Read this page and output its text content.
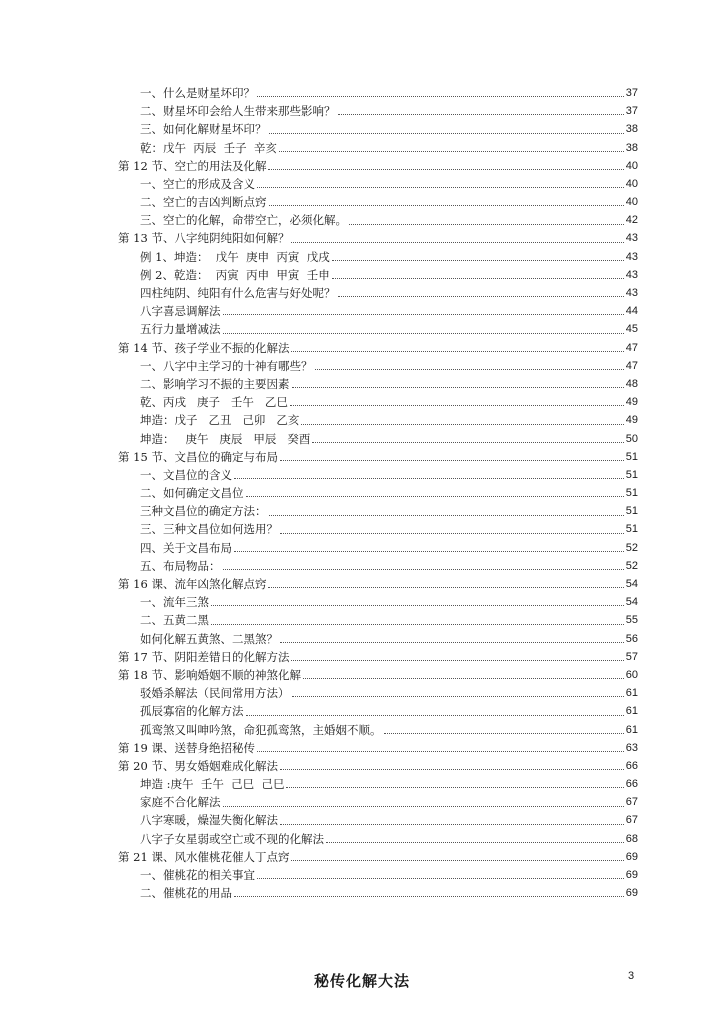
一、什么是财星坏印？	37
二、财星坏印会给人生带来那些影响？	37
三、如何化解财星坏印？	38
乾：戊午  丙辰  壬子  辛亥	38
第 12 节、空亡的用法及化解	40
一、空亡的形成及含义	40
二、空亡的吉凶判断点窍	40
三、空亡的化解，命带空亡，必须化解。	42
第 13 节、八字纯阴纯阳如何解？	43
例 1、坤造：  戊午  庚申  丙寅  戊戌	43
例 2、乾造：  丙寅  丙申  甲寅  壬申	43
四柱纯阴、纯阳有什么危害与好处呢？	43
八字喜忌调解法	44
五行力量增减法	45
第 14 节、孩子学业不振的化解法	47
一、八字中主学习的十神有哪些？	47
二、影响学习不振的主要因素	48
乾、丙戌   庚子   壬午   乙巳	49
坤造：戊子   乙丑   己卯   乙亥	49
坤造：   庚午   庚辰   甲辰   癸酉	50
第 15 节、文昌位的确定与布局	51
一、文昌位的含义	51
二、如何确定文昌位	51
三种文昌位的确定方法：	51
三、三种文昌位如何选用？	51
四、关于文昌布局	52
五、布局物品：	52
第 16 课、流年凶煞化解点窍	54
一、流年三煞	54
二、五黄二黑	55
如何化解五黄煞、二黑煞？	56
第 17 节、阴阳差错日的化解方法	57
第 18 节、影响婚姻不顺的神煞化解	60
驳婚杀解法（民间常用方法）	61
孤辰寡宿的化解方法	61
孤鸾煞又叫呻吟煞，命犯孤鸾煞，主婚姻不顺。	61
第 19 课、送替身绝招秘传	63
第 20 节、男女婚姻难成化解法	66
坤造 :庚午  壬午  己巳  己巳	66
家庭不合化解法	67
八字寒暖，燥湿失衡化解法	67
八字子女星弱或空亡或不现的化解法	68
第 21 课、风水催桃花催人丁点窍	69
一、催桃花的相关事宜	69
二、催桃花的用品	69
秘传化解大法	3
